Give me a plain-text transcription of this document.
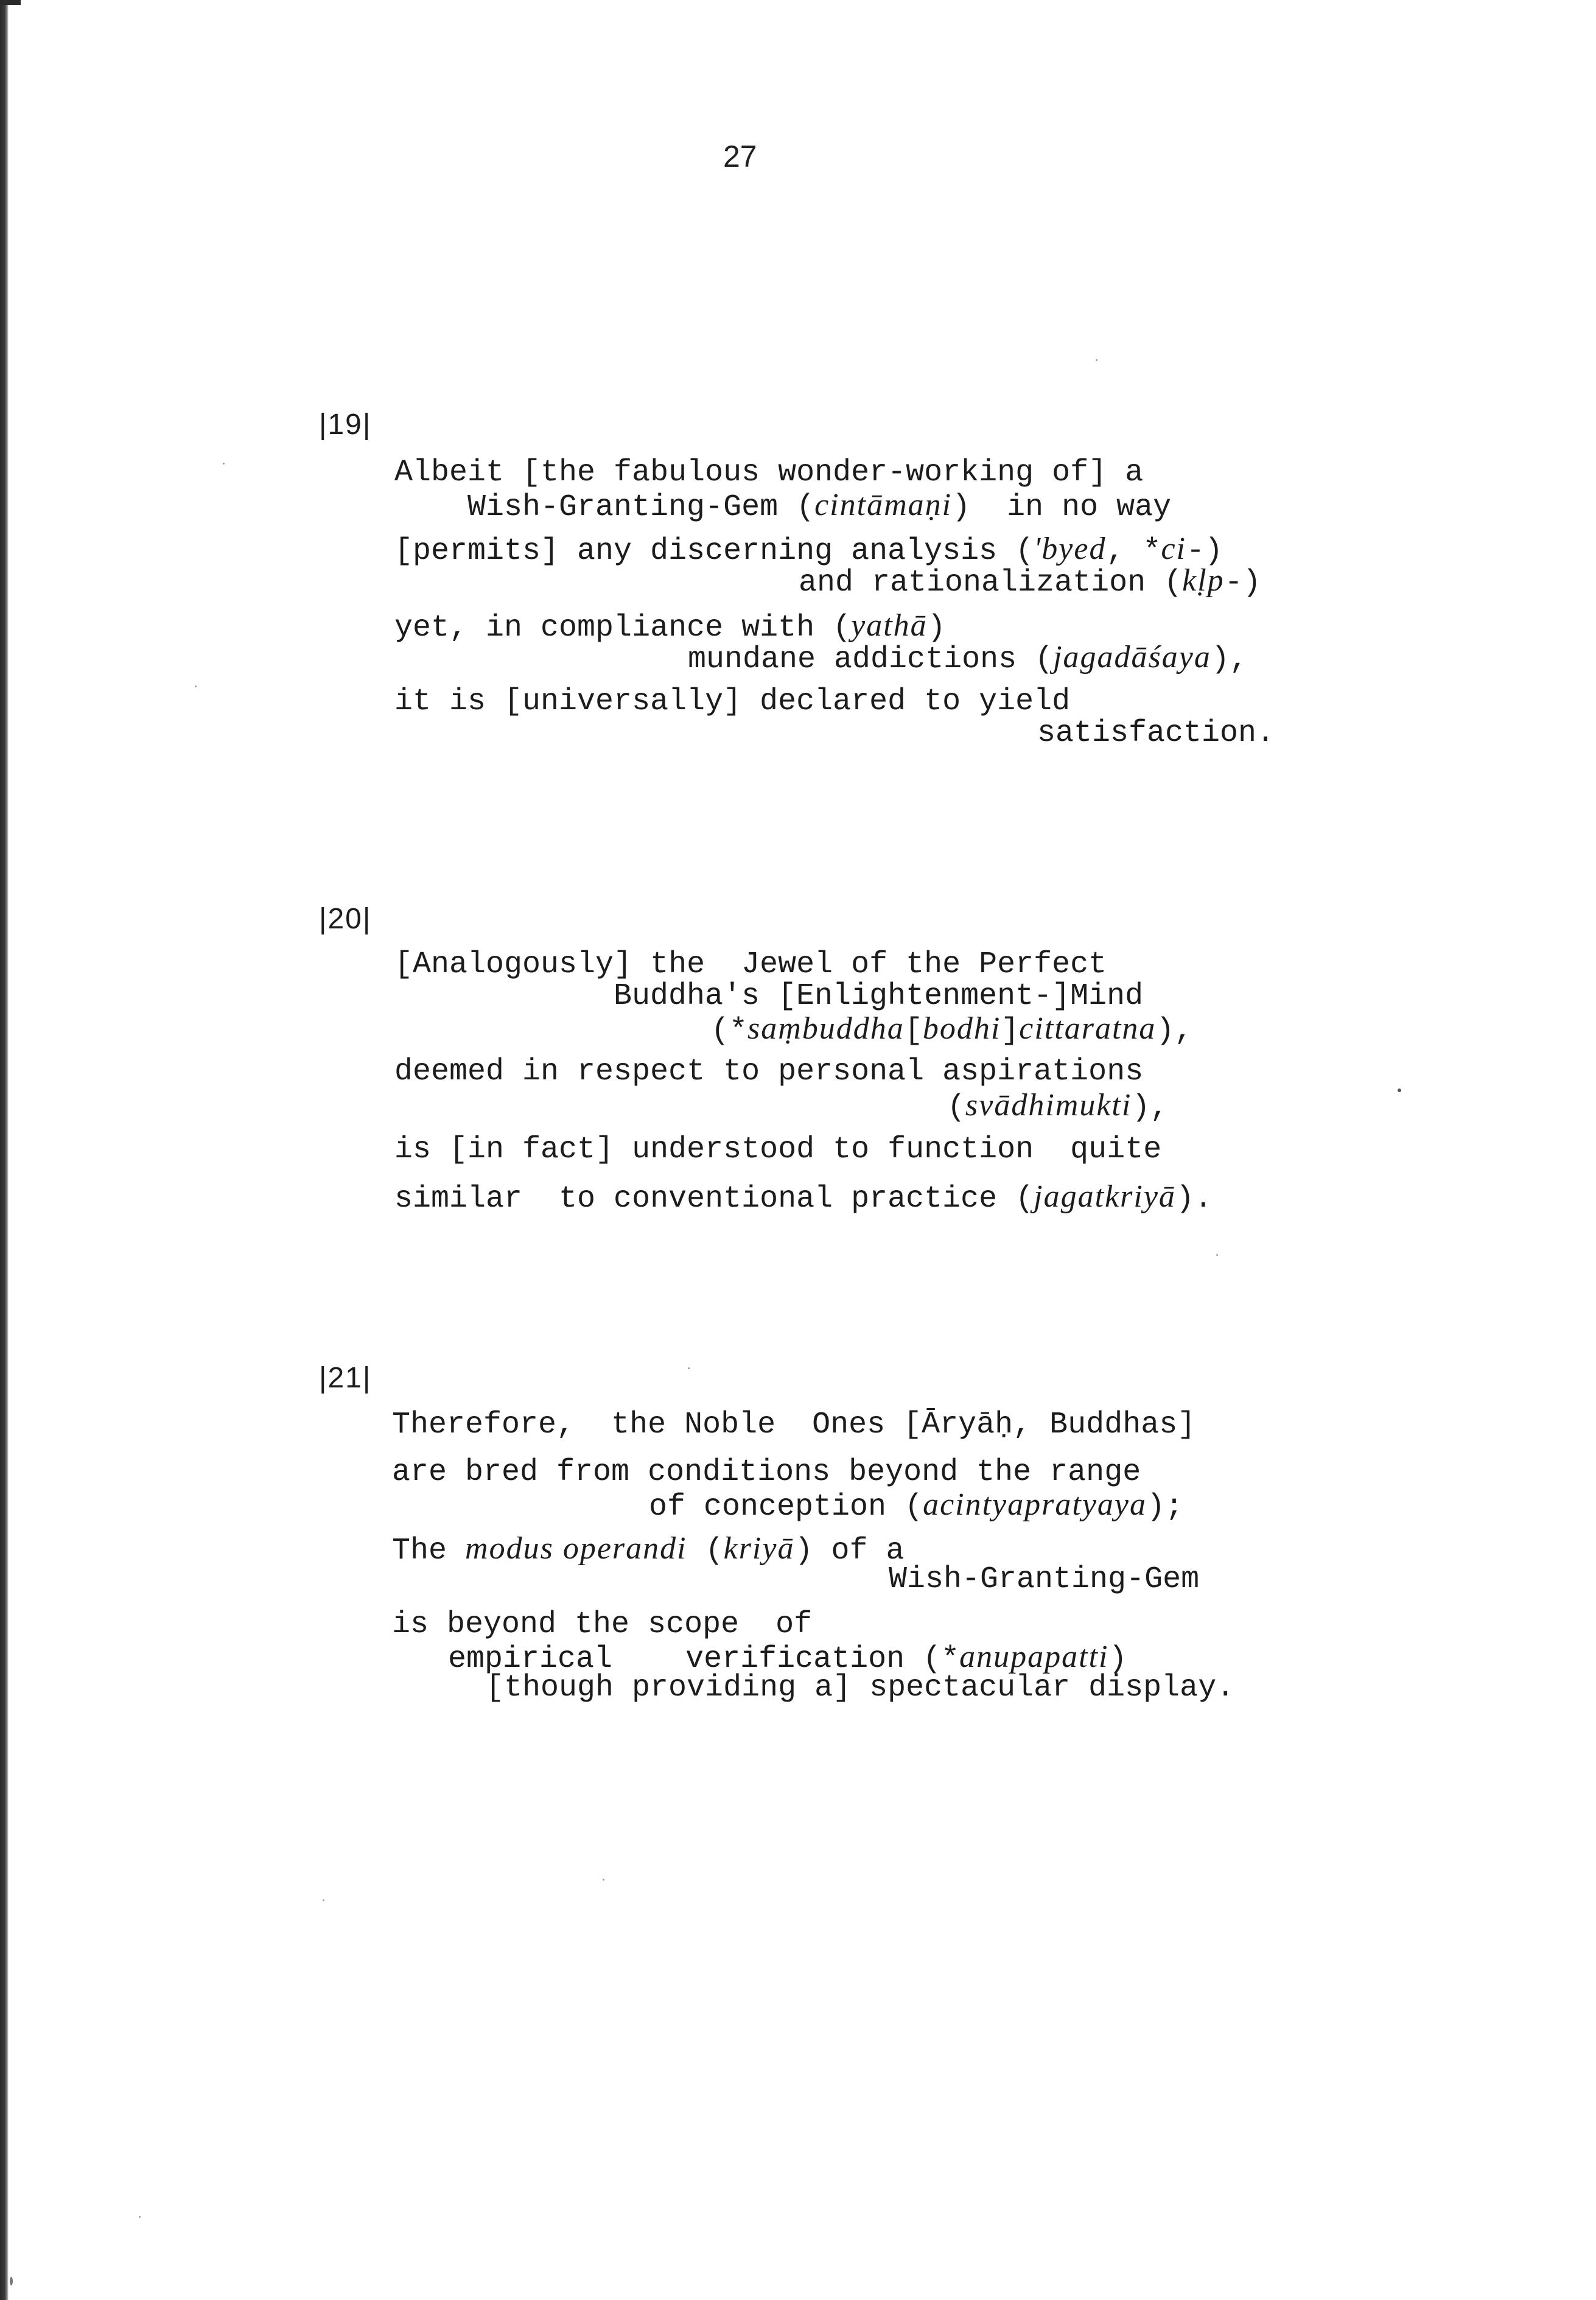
27
|19|
Albeit [the fabulous wonder-working of] a
Wish-Granting-Gem (cintāmaṇi)  in no way
[permits] any discerning analysis ('byed, *ci-)
and rationalization (kḷp-)
yet, in compliance with (yathā)
mundane addictions (jagadāśaya),
it is [universally] declared to yield
satisfaction.
|20|
[Analogously] the  Jewel of the Perfect
Buddha's [Enlightenment-]Mind
(*saṃbuddha[bodhi]cittaratna),
deemed in respect to personal aspirations
(svādhimukti),
is [in fact] understood to function  quite
similar  to conventional practice (jagatkriyā).
|21|
Therefore,  the Noble  Ones [Āryāḥ, Buddhas]
are bred from conditions beyond the range
of conception (acintyapratyaya);
The modus operandi (kriyā) of a
Wish-Granting-Gem
is beyond the scope  of
empirical    verification (*anupapatti)
[though providing a] spectacular display.
